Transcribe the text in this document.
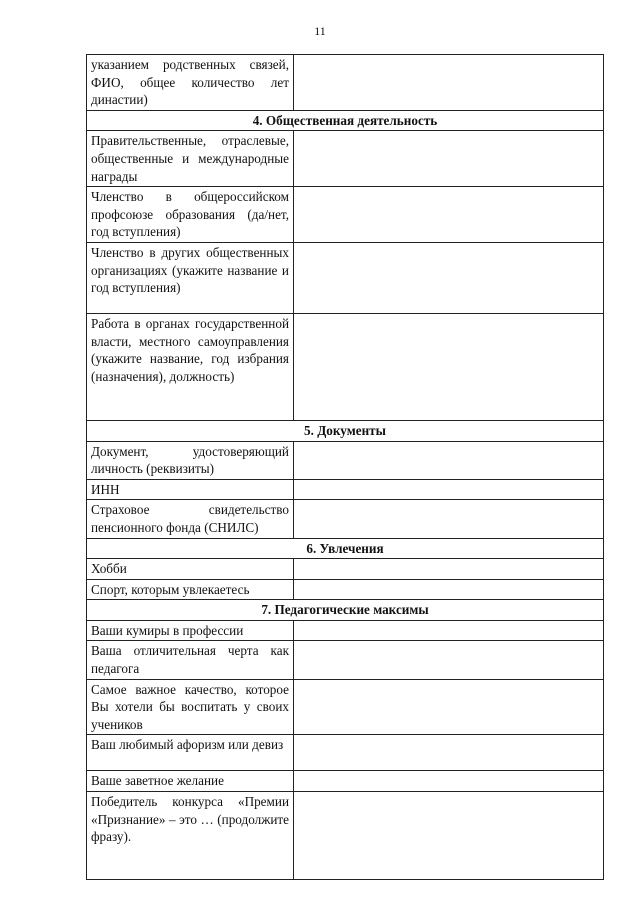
11
указанием родственных связей, ФИО, общее количество лет династии)	
4. Общественная деятельность	
Правительственные, отраслевые, общественные и международные награды	
Членство в общероссийском профсоюзе образования (да/нет, год вступления)	
Членство в других общественных организациях (укажите название и год вступления)	
Работа в органах государственной власти, местного самоуправления (укажите название, год избрания (назначения), должность)	
5. Документы	
Документ, удостоверяющий личность (реквизиты)	
ИНН	
Страховое свидетельство пенсионного фонда (СНИЛС)	
6. Увлечения	
Хобби	
Спорт, которым увлекаетесь	
7. Педагогические максимы	
Ваши кумиры в профессии	
Ваша отличительная черта как педагога	
Самое важное качество, которое Вы хотели бы воспитать у своих учеников	
Ваш любимый афоризм или девиз	
Ваше заветное желание	
Победитель конкурса «Премии «Признание» – это … (продолжите фразу).	
